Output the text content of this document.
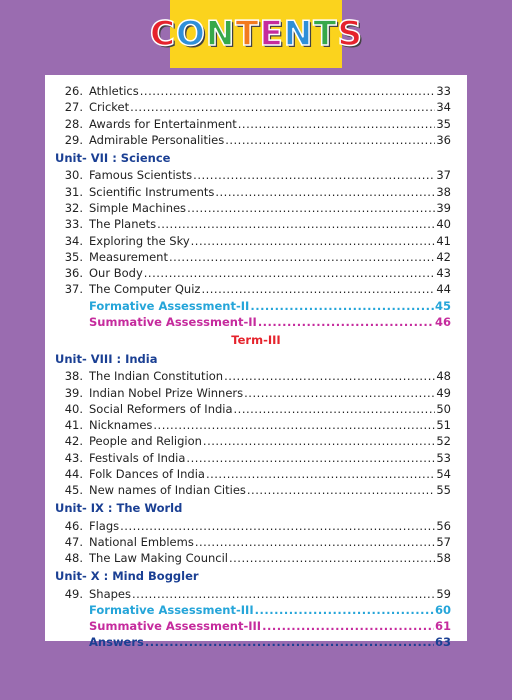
C O N T E N T S
26. Athletics .....	33
27. Cricket .....	34
28. Awards for Entertainment .....	35
29. Admirable Personalities .....	36
Unit- VII : Science
30. Famous Scientists .....	37
31. Scientific Instruments .....	38
32. Simple Machines .....	39
33. The Planets .....	40
34. Exploring the Sky .....	41
35. Measurement .....	42
36. Our Body .....	43
37. The Computer Quiz .....	44
Formative Assessment-II .....	45
Summative Assessment-II .....	46
Term-III
Unit- VIII : India
38. The Indian Constitution .....	48
39. Indian Nobel Prize Winners .....	49
40. Social Reformers of India .....	50
41. Nicknames .....	51
42. People and Religion .....	52
43. Festivals of India .....	53
44. Folk Dances of India .....	54
45. New names of Indian Cities .....	55
Unit- IX : The World
46. Flags .....	56
47. National Emblems .....	57
48. The Law Making Council .....	58
Unit- X : Mind Boggler
49. Shapes .....	59
Formative Assessment-III .....	60
Summative Assessment-III .....	61
Answers .....	63
